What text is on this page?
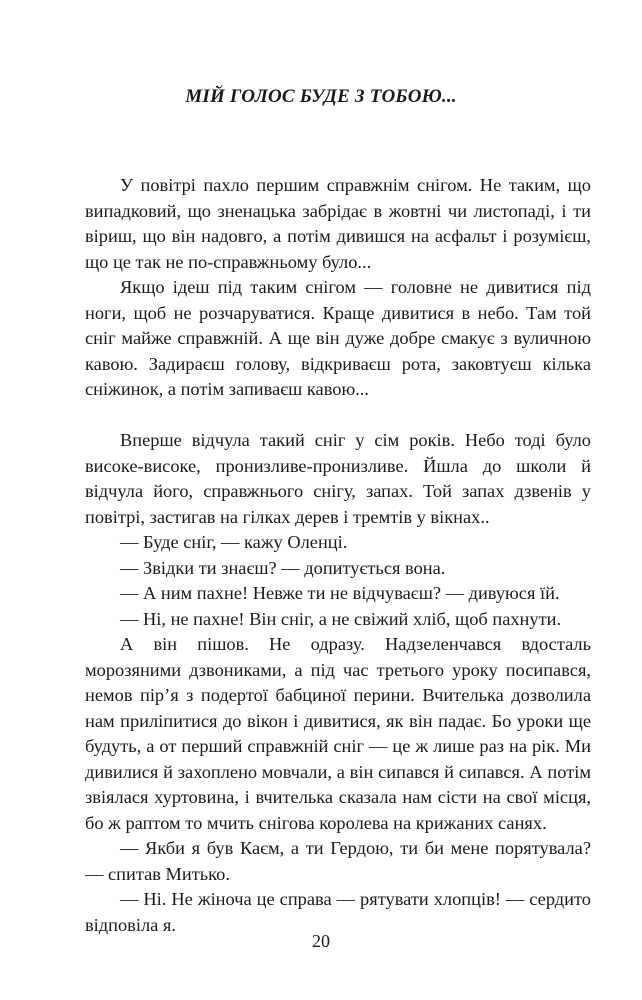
МІЙ ГОЛОС БУДЕ З ТОБОЮ...

У повітрі пахло першим справжнім снігом. Не таким, що випадковий, що зненацька забрідає в жовтні чи листопаді, і ти віриш, що він надовго, а потім дивишся на асфальт і розумієш, що це так не по-справжньому було...

Якщо ідеш під таким снігом — головне не дивитися під ноги, щоб не розчаруватися. Краще дивитися в небо. Там той сніг майже справжній. А ще він дуже добре смакує з вуличною кавою. Задираєш голову, відкриваєш рота, заковтуєш кілька сніжинок, а потім запиваєш кавою...

Вперше відчула такий сніг у сім років. Небо тоді було високе-високе, пронизливе-пронизливе. Йшла до школи й відчула його, справжнього снігу, запах. Той запах дзвенів у повітрі, застигав на гілках дерев і тремтів у вікнах..

— Буде сніг, — кажу Оленці.

— Звідки ти знаєш? — допитується вона.

— А ним пахне! Невже ти не відчуваєш? — дивуюся їй.

— Ні, не пахне! Він сніг, а не свіжий хліб, щоб пахнути.

А він пішов. Не одразу. Надзеленчався вдосталь морозяними дзвониками, а під час третього уроку посипався, немов пір’я з подертої бабциної перини. Вчителька дозволила нам приліпитися до вікон і дивитися, як він падає. Бо уроки ще будуть, а от перший справжній сніг — це ж лише раз на рік. Ми дивилися й захоплено мовчали, а він сипався й сипався. А потім звіялася хуртовина, і вчителька сказала нам сісти на свої місця, бо ж раптом то мчить снігова королева на крижаних санях.

— Якби я був Каєм, а ти Гердою, ти би мене порятувала? — спитав Митько.

— Ні. Не жіноча це справа — рятувати хлопців! — сердито відповіла я.

20
